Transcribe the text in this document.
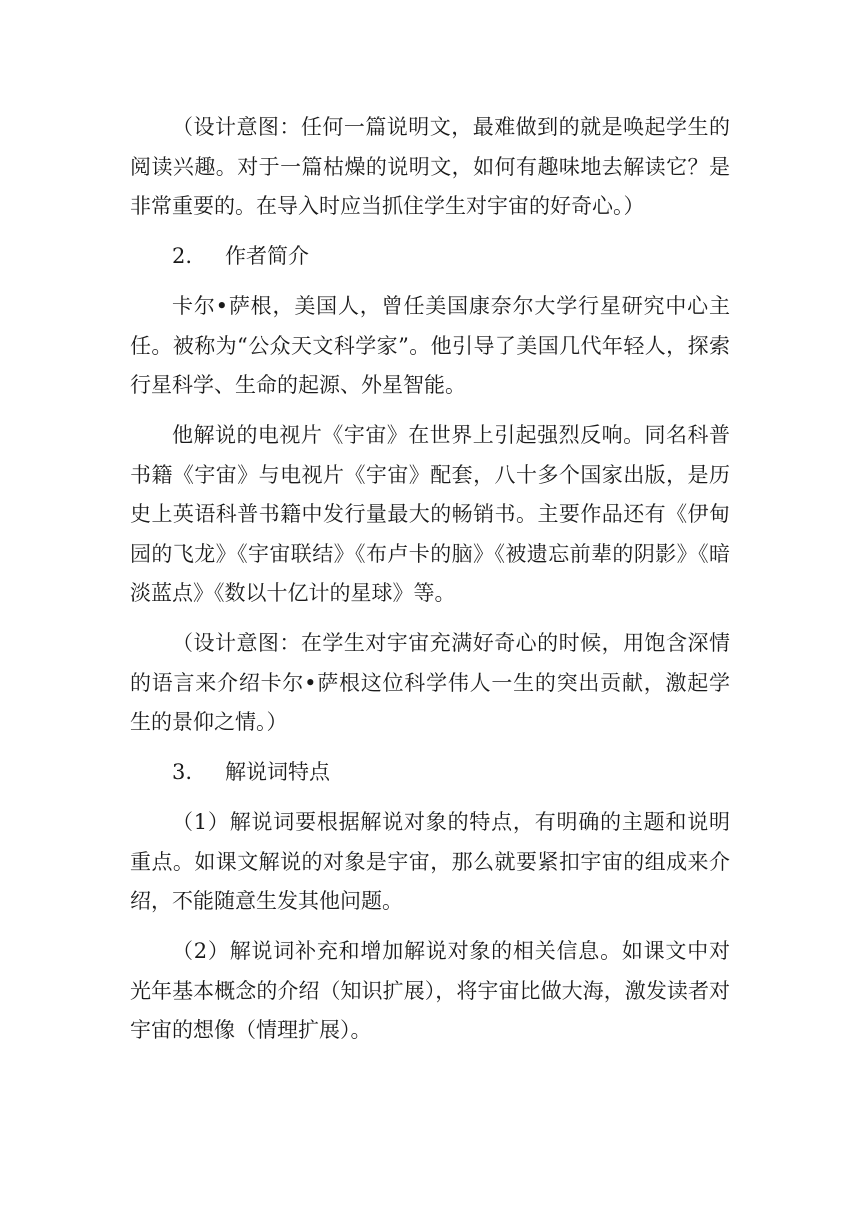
（设计意图：任何一篇说明文，最难做到的就是唤起学生的阅读兴趣。对于一篇枯燥的说明文，如何有趣味地去解读它？是非常重要的。在导入时应当抓住学生对宇宙的好奇心。）

2. 作者简介

卡尔•萨根，美国人，曾任美国康奈尔大学行星研究中心主任。被称为“公众天文科学家”。他引导了美国几代年轻人，探索行星科学、生命的起源、外星智能。

他解说的电视片《宇宙》在世界上引起强烈反响。同名科普书籍《宇宙》与电视片《宇宙》配套，八十多个国家出版，是历史上英语科普书籍中发行量最大的畅销书。主要作品还有《伊甸园的飞龙》《宇宙联结》《布卢卡的脑》《被遗忘前辈的阴影》《暗淡蓝点》《数以十亿计的星球》等。

（设计意图：在学生对宇宙充满好奇心的时候，用饱含深情的语言来介绍卡尔•萨根这位科学伟人一生的突出贡献，激起学生的景仰之情。）

3. 解说词特点

（1）解说词要根据解说对象的特点，有明确的主题和说明重点。如课文解说的对象是宇宙，那么就要紧扣宇宙的组成来介绍，不能随意生发其他问题。

（2）解说词补充和增加解说对象的相关信息。如课文中对光年基本概念的介绍（知识扩展），将宇宙比做大海，激发读者对宇宙的想像（情理扩展）。
